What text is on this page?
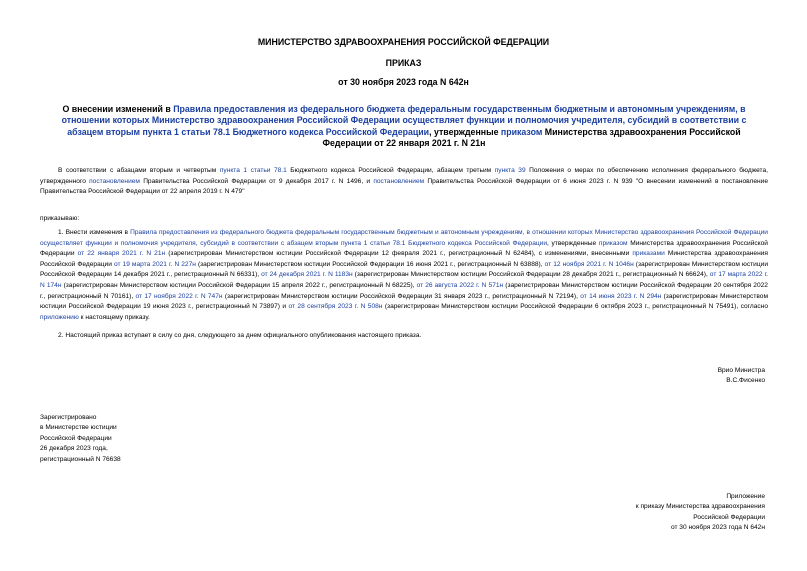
МИНИСТЕРСТВО ЗДРАВООХРАНЕНИЯ РОССИЙСКОЙ ФЕДЕРАЦИИ
ПРИКАЗ
от 30 ноября 2023 года N 642н
О внесении изменений в Правила предоставления из федерального бюджета федеральным государственным бюджетным и автономным учреждениям, в отношении которых Министерство здравоохранения Российской Федерации осуществляет функции и полномочия учредителя, субсидий в соответствии с абзацем вторым пункта 1 статьи 78.1 Бюджетного кодекса Российской Федерации, утвержденные приказом Министерства здравоохранения Российской Федерации от 22 января 2021 г. N 21н
В соответствии с абзацами вторым и четвертым пункта 1 статьи 78.1 Бюджетного кодекса Российской Федерации, абзацем третьим пункта 39 Положения о мерах по обеспечению исполнения федерального бюджета, утвержденного постановлением Правительства Российской Федерации от 9 декабря 2017 г. N 1496, и постановлением Правительства Российской Федерации от 6 июня 2023 г. N 939 "О внесении изменений в постановление Правительства Российской Федерации от 22 апреля 2019 г. N 479"
приказываю:
1. Внести изменения в Правила предоставления из федерального бюджета федеральным государственным бюджетным и автономным учреждениям, в отношении которых Министерство здравоохранения Российской Федерации осуществляет функции и полномочия учредителя, субсидий в соответствии с абзацем вторым пункта 1 статьи 78.1 Бюджетного кодекса Российской Федерации, утвержденные приказом Министерства здравоохранения Российской Федерации от 22 января 2021 г. N 21н (зарегистрирован Министерством юстиции Российской Федерации 12 февраля 2021 г., регистрационный N 62484), с изменениями, внесенными приказами Министерства здравоохранения Российской Федерации от 19 марта 2021 г. N 227н (зарегистрирован Министерством юстиции Российской Федерации 16 июня 2021 г., регистрационный N 63888), от 12 ноября 2021 г. N 1046н (зарегистрирован Министерством юстиции Российской Федерации 14 декабря 2021 г., регистрационный N 66331), от 24 декабря 2021 г. N 1183н (зарегистрирован Министерством юстиции Российской Федерации 28 декабря 2021 г., регистрационный N 66624), от 17 марта 2022 г. N 174н (зарегистрирован Министерством юстиции Российской Федерации 15 апреля 2022 г., регистрационный N 68225), от 26 августа 2022 г. N 571н (зарегистрирован Министерством юстиции Российской Федерации 20 сентября 2022 г., регистрационный N 70161), от 17 ноября 2022 г. N 747н (зарегистрирован Министерством юстиции Российской Федерации 31 января 2023 г., регистрационный N 72194), от 14 июня 2023 г. N 294н (зарегистрирован Министерством юстиции Российской Федерации 19 июня 2023 г., регистрационный N 73897) и от 28 сентября 2023 г. N 508н (зарегистрирован Министерством юстиции Российской Федерации 6 октября 2023 г., регистрационный N 75491), согласно приложению к настоящему приказу.
2. Настоящий приказ вступает в силу со дня, следующего за днем официального опубликования настоящего приказа.
Врио Министра
В.С.Фисенко
Зарегистрировано
в Министерстве юстиции
Российской Федерации
26 декабря 2023 года,
регистрационный N 76638
Приложение
к приказу Министерства здравоохранения
Российской Федерации
от 30 ноября 2023 года N 642н
